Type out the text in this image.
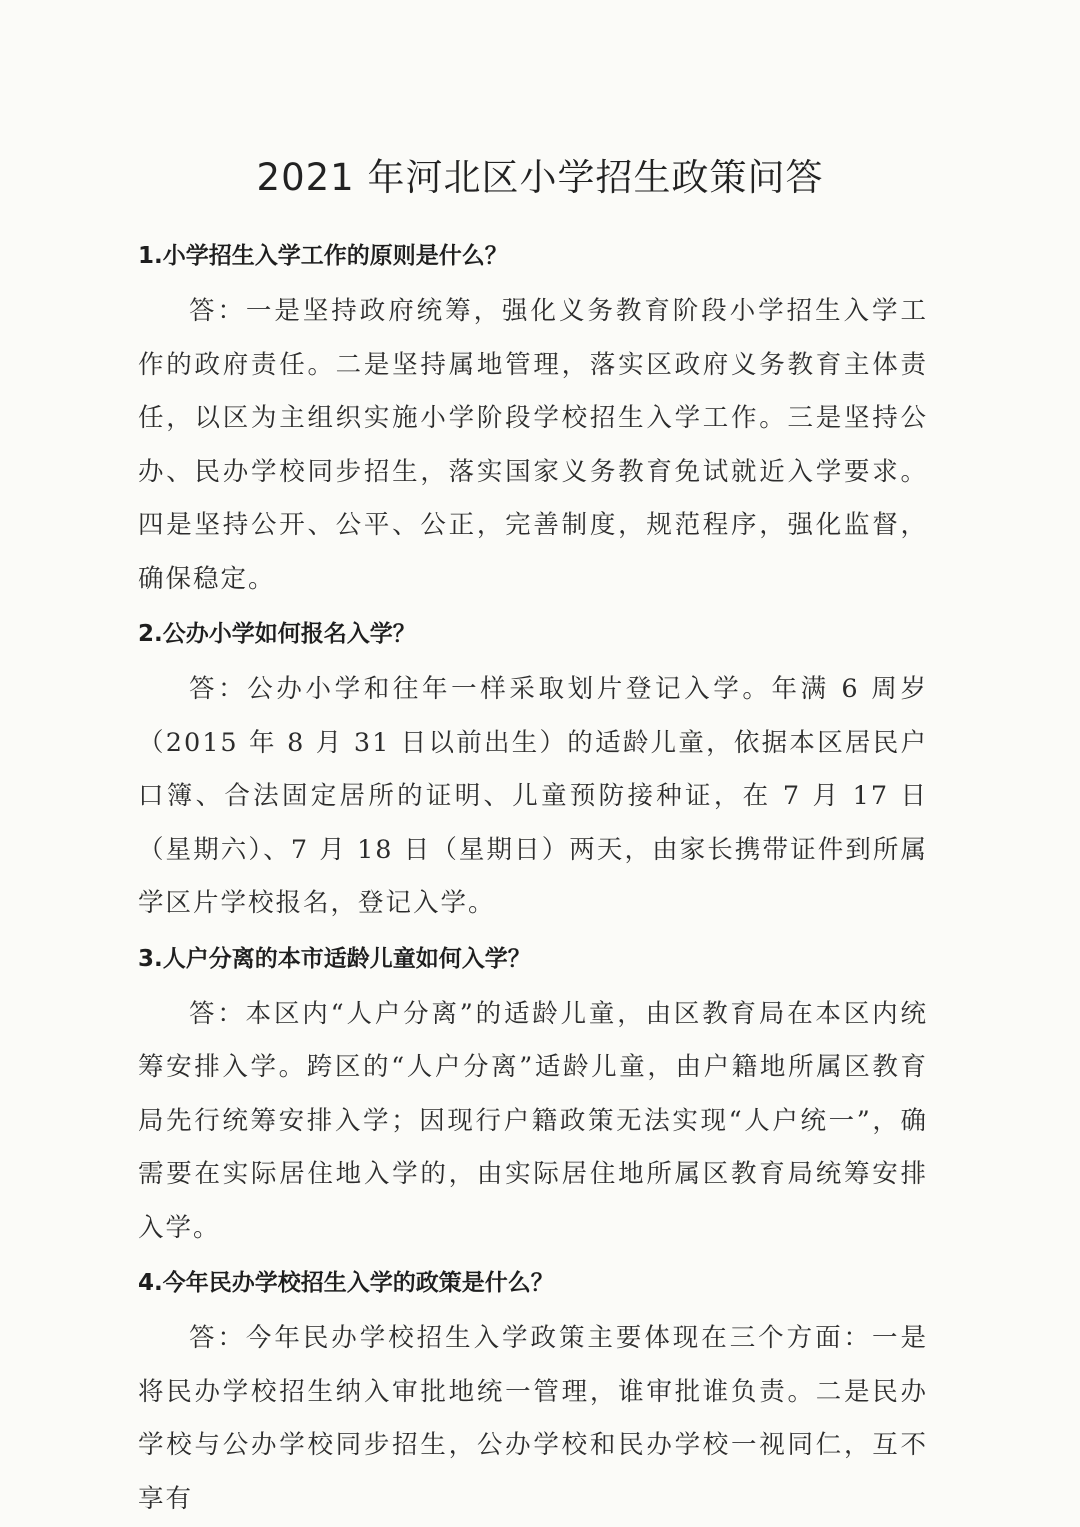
2021 年河北区小学招生政策问答

1.小学招生入学工作的原则是什么？

答：一是坚持政府统筹，强化义务教育阶段小学招生入学工作的政府责任。二是坚持属地管理，落实区政府义务教育主体责任，以区为主组织实施小学阶段学校招生入学工作。三是坚持公办、民办学校同步招生，落实国家义务教育免试就近入学要求。四是坚持公开、公平、公正，完善制度，规范程序，强化监督，确保稳定。

2.公办小学如何报名入学？

答：公办小学和往年一样采取划片登记入学。年满 6 周岁（2015 年 8 月 31 日以前出生）的适龄儿童，依据本区居民户口簿、合法固定居所的证明、儿童预防接种证，在 7 月 17 日（星期六）、7 月 18 日（星期日）两天，由家长携带证件到所属学区片学校报名，登记入学。

3.人户分离的本市适龄儿童如何入学？

答：本区内“人户分离”的适龄儿童，由区教育局在本区内统筹安排入学。跨区的“人户分离”适龄儿童，由户籍地所属区教育局先行统筹安排入学；因现行户籍政策无法实现“人户统一”，确需要在实际居住地入学的，由实际居住地所属区教育局统筹安排入学。

4.今年民办学校招生入学的政策是什么？

答：今年民办学校招生入学政策主要体现在三个方面：一是将民办学校招生纳入审批地统一管理，谁审批谁负责。二是民办学校与公办学校同步招生，公办学校和民办学校一视同仁，互不享有
